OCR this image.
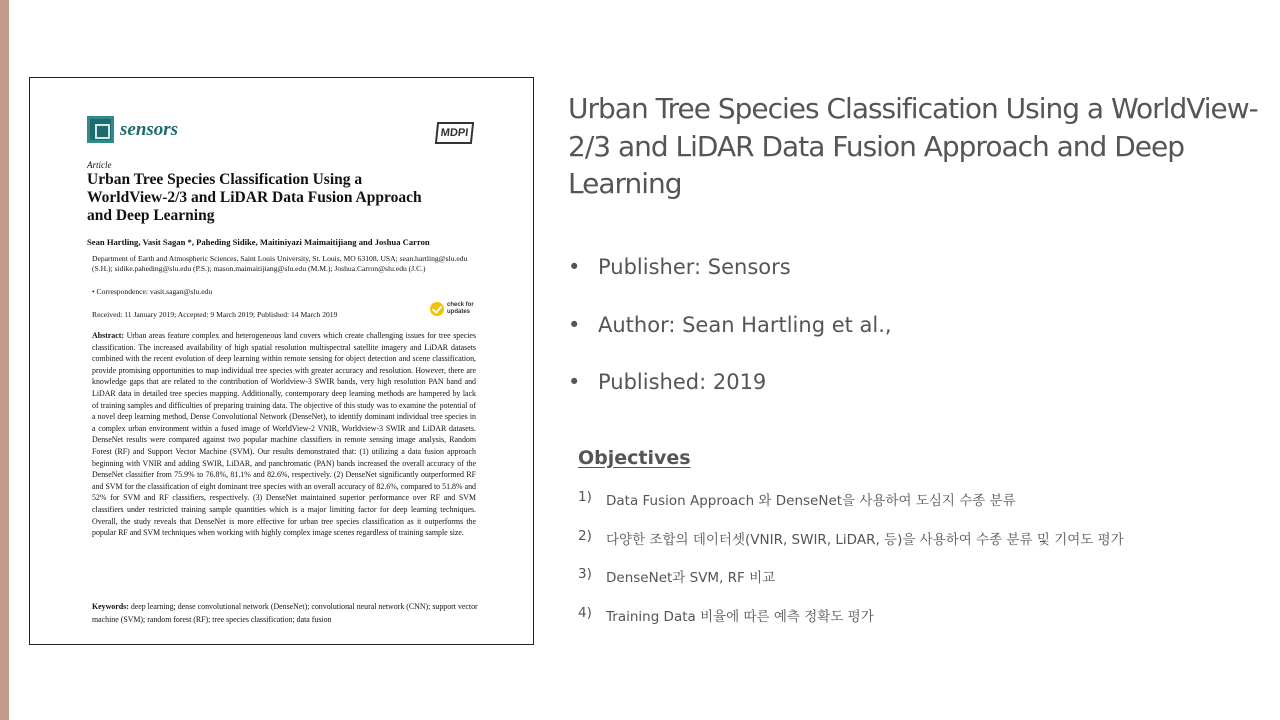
sensors	MDPI
Article
Urban Tree Species Classification Using a WorldView-2/3 and LiDAR Data Fusion Approach and Deep Learning
Sean Hartling, Vasit Sagan *, Paheding Sidike, Maitiniyazi Maimaitijiang and Joshua Carron
Department of Earth and Atmospheric Sciences, Saint Louis University, St. Louis, MO 63108, USA; sean.hartling@slu.edu (S.H.); sidike.paheding@slu.edu (P.S.); mason.maimaitijiang@slu.edu (M.M.); Joshua.Carron@slu.edu (J.C.)
• Correspondence: vasit.sagan@slu.edu
Received: 11 January 2019; Accepted: 9 March 2019; Published: 14 March 2019
check for updates
Abstract: Urban areas feature complex and heterogeneous land covers which create challenging issues for tree species classification. The increased availability of high spatial resolution multispectral satellite imagery and LiDAR datasets combined with the recent evolution of deep learning within remote sensing for object detection and scene classification, provide promising opportunities to map individual tree species with greater accuracy and resolution. However, there are knowledge gaps that are related to the contribution of Worldview-3 SWIR bands, very high resolution PAN band and LiDAR data in detailed tree species mapping. Additionally, contemporary deep learning methods are hampered by lack of training samples and difficulties of preparing training data. The objective of this study was to examine the potential of a novel deep learning method, Dense Convolutional Network (DenseNet), to identify dominant individual tree species in a complex urban environment within a fused image of WorldView-2 VNIR, Worldview-3 SWIR and LiDAR datasets. DenseNet results were compared against two popular machine classifiers in remote sensing image analysis, Random Forest (RF) and Support Vector Machine (SVM). Our results demonstrated that: (1) utilizing a data fusion approach beginning with VNIR and adding SWIR, LiDAR, and panchromatic (PAN) bands increased the overall accuracy of the DenseNet classifier from 75.9% to 76.8%, 81.1% and 82.6%, respectively. (2) DenseNet significantly outperformed RF and SVM for the classification of eight dominant tree species with an overall accuracy of 82.6%, compared to 51.8% and 52% for SVM and RF classifiers, respectively. (3) DenseNet maintained superior performance over RF and SVM classifiers under restricted training sample quantities which is a major limiting factor for deep learning techniques. Overall, the study reveals that DenseNet is more effective for urban tree species classification as it outperforms the popular RF and SVM techniques when working with highly complex image scenes regardless of training sample size.
Keywords: deep learning; dense convolutional network (DenseNet); convolutional neural network (CNN); support vector machine (SVM); random forest (RF); tree species classification; data fusion
Urban Tree Species Classification Using a WorldView-2/3 and LiDAR Data Fusion Approach and Deep Learning
• Publisher: Sensors
• Author: Sean Hartling et al.,
• Published: 2019
Objectives
1) Data Fusion Approach 와 DenseNet을 사용하여 도심지 수종 분류
2) 다양한 조합의 데이터셋(VNIR, SWIR, LiDAR, 등)을 사용하여 수종 분류 및 기여도 평가
3) DenseNet과 SVM, RF 비교
4) Training Data 비율에 따른 예측 정확도 평가
